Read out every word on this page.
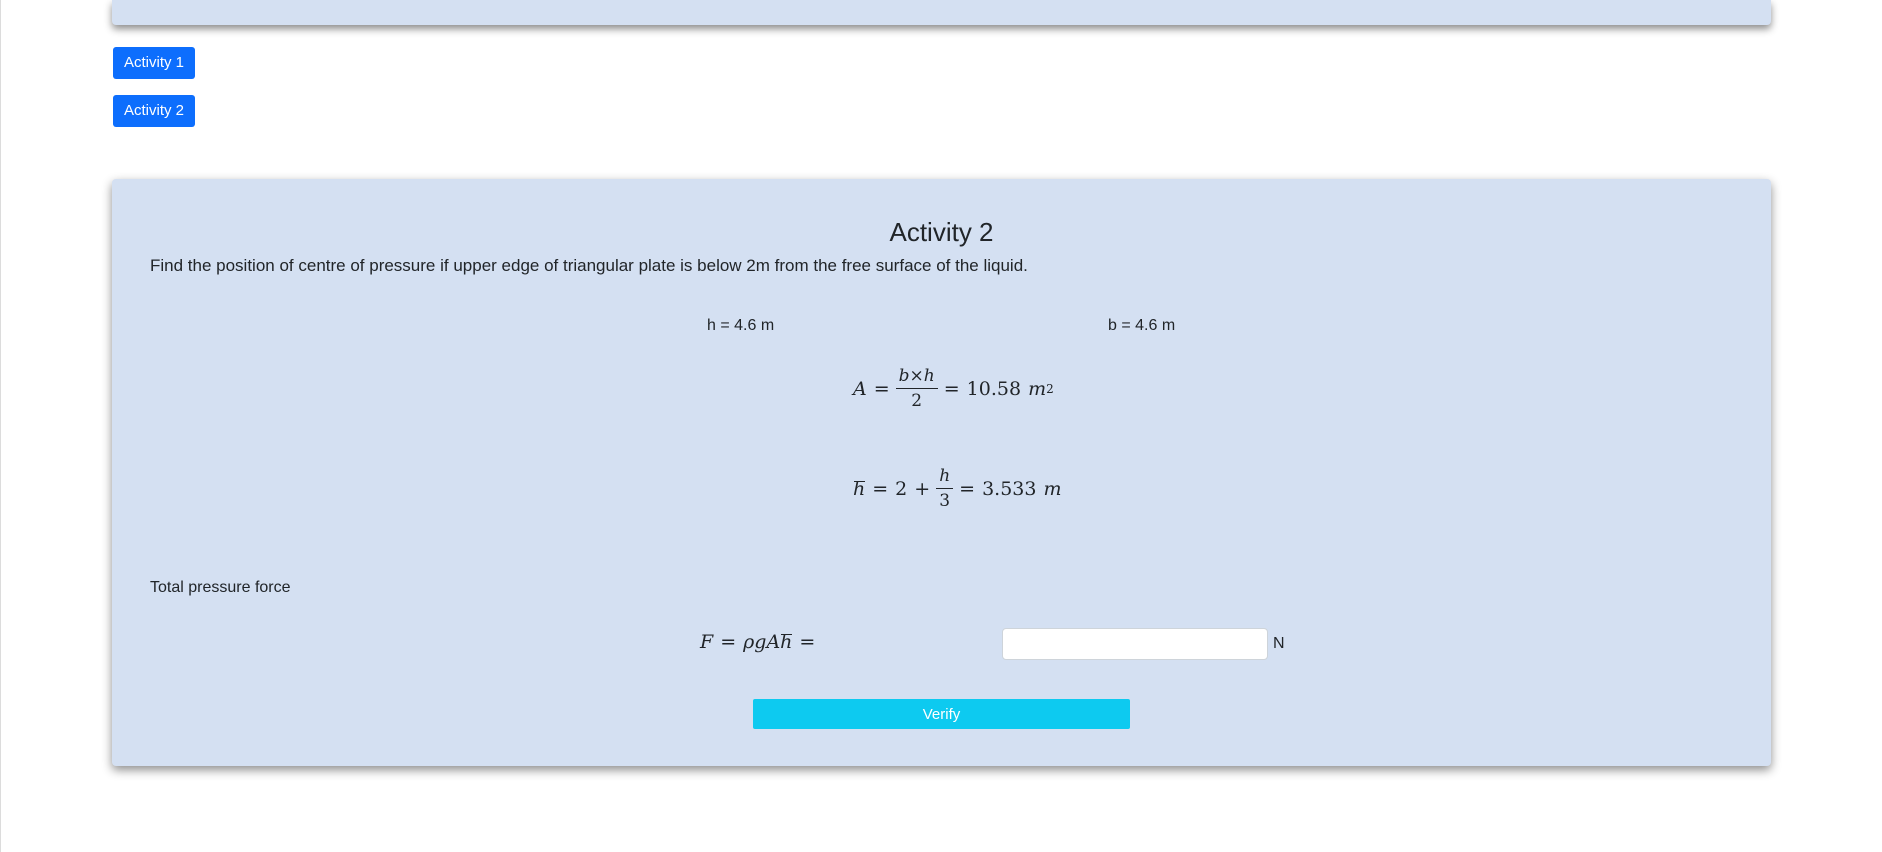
Activity 1
Activity 2
Activity 2

Find the position of centre of pressure if upper edge of triangular plate is below 2m from the free surface of the liquid.

h = 4.6 m	b = 4.6 m
$A = \frac{b\times h}{2} = 10.58$ m 2
$h = 2 + \frac{h}{3} = 3.533$ m
Total pressure force
F = ρgA h =	N
Verify
